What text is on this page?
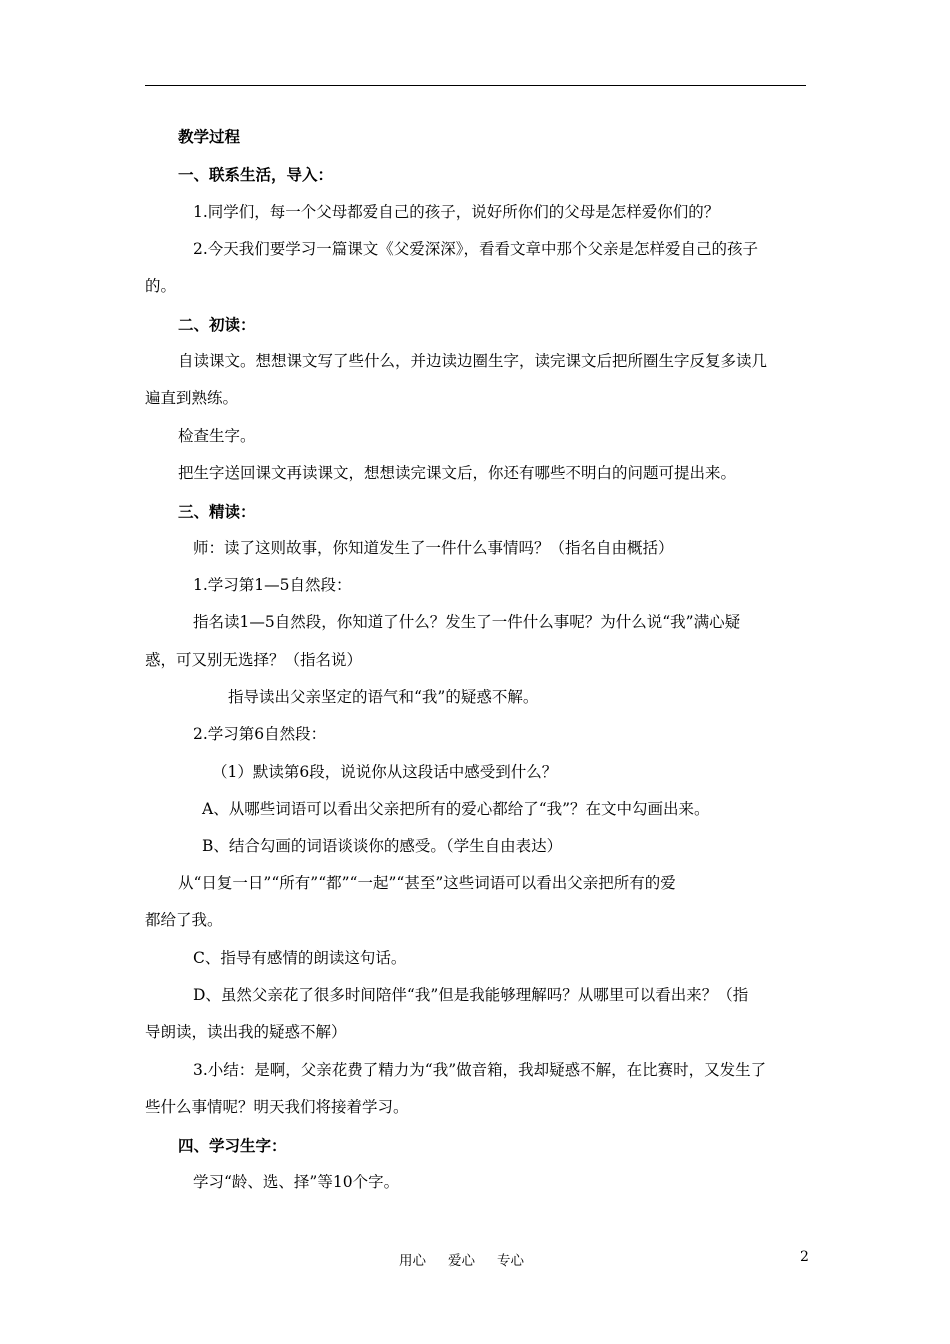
教学过程
一、联系生活，导入：
1.同学们，每一个父母都爱自己的孩子，说好所你们的父母是怎样爱你们的？
2.今天我们要学习一篇课文《父爱深深》，看看文章中那个父亲是怎样爱自己的孩子
的。
二、初读：
自读课文。想想课文写了些什么，并边读边圈生字，读完课文后把所圈生字反复多读几
遍直到熟练。
检查生字。
把生字送回课文再读课文，想想读完课文后，你还有哪些不明白的问题可提出来。
三、精读：
师：读了这则故事，你知道发生了一件什么事情吗？（指名自由概括）
1.学习第1—5自然段：
指名读1—5自然段，你知道了什么？发生了一件什么事呢？为什么说“我”满心疑
惑，可又别无选择？（指名说）
指导读出父亲坚定的语气和“我”的疑惑不解。
2.学习第6自然段：
（1）默读第6段，说说你从这段话中感受到什么？
A、从哪些词语可以看出父亲把所有的爱心都给了“我”？在文中勾画出来。
B、结合勾画的词语谈谈你的感受。（学生自由表达）
从“日复一日”“所有”“都”“一起”“甚至”这些词语可以看出父亲把所有的爱
都给了我。
C、指导有感情的朗读这句话。
D、虽然父亲花了很多时间陪伴“我”但是我能够理解吗？从哪里可以看出来？（指
导朗读，读出我的疑惑不解）
3.小结：是啊，父亲花费了精力为“我”做音箱，我却疑惑不解，在比赛时，又发生了
些什么事情呢？明天我们将接着学习。
四、学习生字：
学习“龄、选、择”等10个字。
用心 爱心 专心	2
